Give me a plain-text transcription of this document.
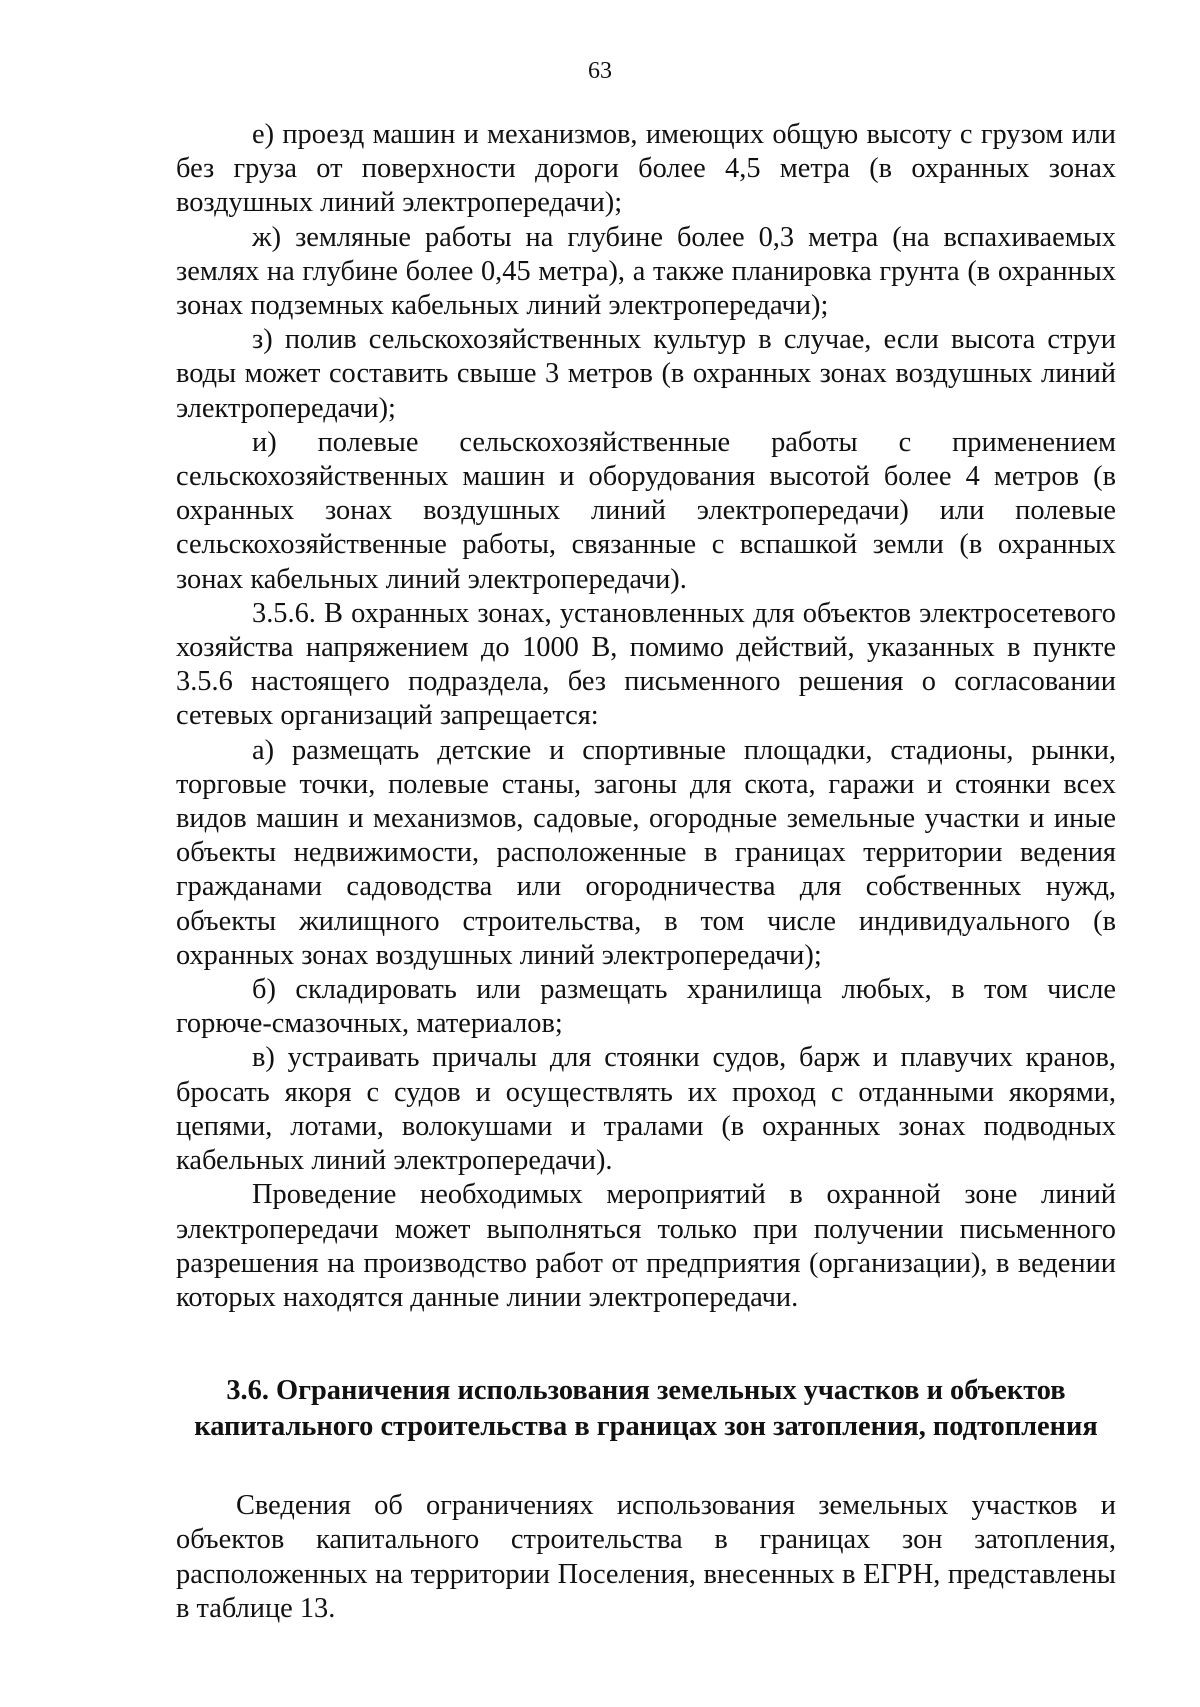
63

е) проезд машин и механизмов, имеющих общую высоту с грузом или без груза от поверхности дороги более 4,5 метра (в охранных зонах воздушных линий электропередачи);

ж) земляные работы на глубине более 0,3 метра (на вспахиваемых землях на глубине более 0,45 метра), а также планировка грунта (в охранных зонах подземных кабельных линий электропередачи);

з) полив сельскохозяйственных культур в случае, если высота струи воды может составить свыше 3 метров (в охранных зонах воздушных линий электропередачи);

и) полевые сельскохозяйственные работы с применением сельскохозяйственных машин и оборудования высотой более 4 метров (в охранных зонах воздушных линий электропередачи) или полевые сельскохозяйственные работы, связанные с вспашкой земли (в охранных зонах кабельных линий электропередачи).

3.5.6. В охранных зонах, установленных для объектов электросетевого хозяйства напряжением до 1000 В, помимо действий, указанных в пункте 3.5.6 настоящего подраздела, без письменного решения о согласовании сетевых организаций запрещается:

а) размещать детские и спортивные площадки, стадионы, рынки, торговые точки, полевые станы, загоны для скота, гаражи и стоянки всех видов машин и механизмов, садовые, огородные земельные участки и иные объекты недвижимости, расположенные в границах территории ведения гражданами садоводства или огородничества для собственных нужд, объекты жилищного строительства, в том числе индивидуального (в охранных зонах воздушных линий электропередачи);

б) складировать или размещать хранилища любых, в том числе горюче-смазочных, материалов;

в) устраивать причалы для стоянки судов, барж и плавучих кранов, бросать якоря с судов и осуществлять их проход с отданными якорями, цепями, лотами, волокушами и тралами (в охранных зонах подводных кабельных линий электропередачи).

Проведение необходимых мероприятий в охранной зоне линий электропередачи может выполняться только при получении письменного разрешения на производство работ от предприятия (организации), в ведении которых находятся данные линии электропередачи.

3.6. Ограничения использования земельных участков и объектов
капитального строительства в границах зон затопления, подтопления

Сведения об ограничениях использования земельных участков и объектов капитального строительства в границах зон затопления, расположенных на территории Поселения, внесенных в ЕГРН, представлены в таблице 13.
